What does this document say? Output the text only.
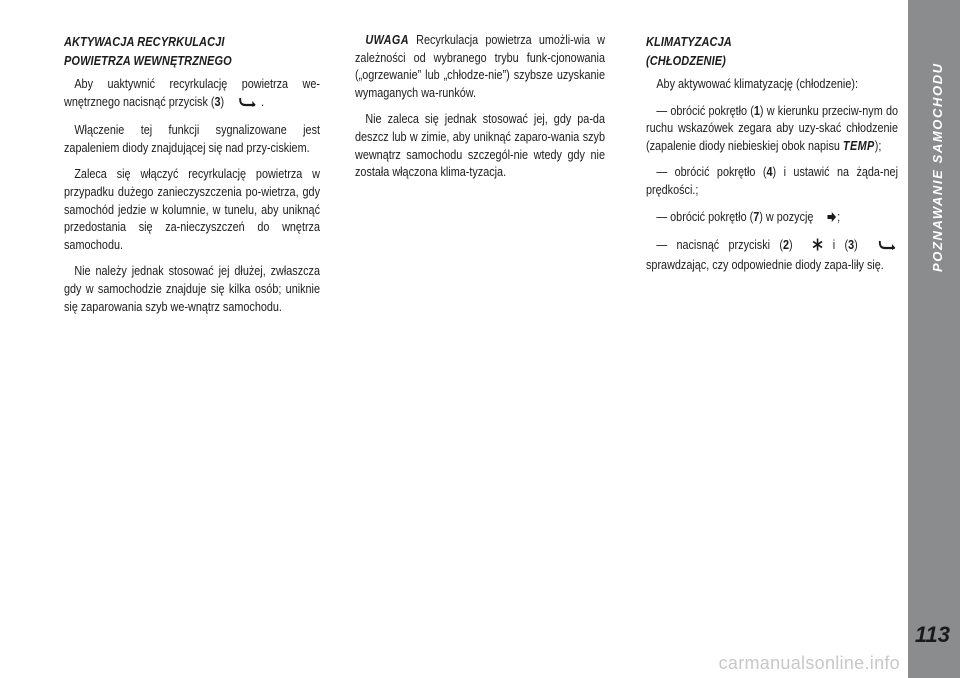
AKTYWACJA RECYRKULACJI
POWIETRZA WEWNĘTRZNEGO

Aby uaktywnić recyrkulację powietrza we-wnętrznego nacisnąć przycisk (3)  .

Włączenie tej funkcji sygnalizowane jest zapaleniem diody znajdującej się nad przy-ciskiem.

Zaleca się włączyć recyrkulację powietrza w przypadku dużego zanieczyszczenia po-wietrza, gdy samochód jedzie w kolumnie, w tunelu, aby uniknąć przedostania się za-nieczyszczeń do wnętrza samochodu.

Nie należy jednak stosować jej dłużej, zwłaszcza gdy w samochodzie znajduje się kilka osób; uniknie się zaparowania szyb we-wnątrz samochodu.

UWAGA Recyrkulacja powietrza umożli-wia w zależności od wybranego trybu funk-cjonowania („ogrzewanie” lub „chłodze-nie”) szybsze uzyskanie wymaganych wa-runków.

Nie zaleca się jednak stosować jej, gdy pa-da deszcz lub w zimie, aby uniknąć zaparo-wania szyb wewnątrz samochodu szczegól-nie wtedy gdy nie została włączona klima-tyzacja.

KLIMATYZACJA
(CHŁODZENIE)

Aby aktywować klimatyzację (chłodzenie):

— obrócić pokrętło (1) w kierunku przeciw-nym do ruchu wskazówek zegara aby uzy-skać chłodzenie (zapalenie diody niebieskiej obok napisu TEMP);

— obrócić pokrętło (4) i ustawić na żąda-nej prędkości.;

— obrócić pokrętło (7) w pozycję ;

— nacisnąć przyciski (2)  i (3)  sprawdzając, czy odpowiednie diody zapa-liły się.	POZNAWANIE SAMOCHODU
113
carmanualsonline.info
